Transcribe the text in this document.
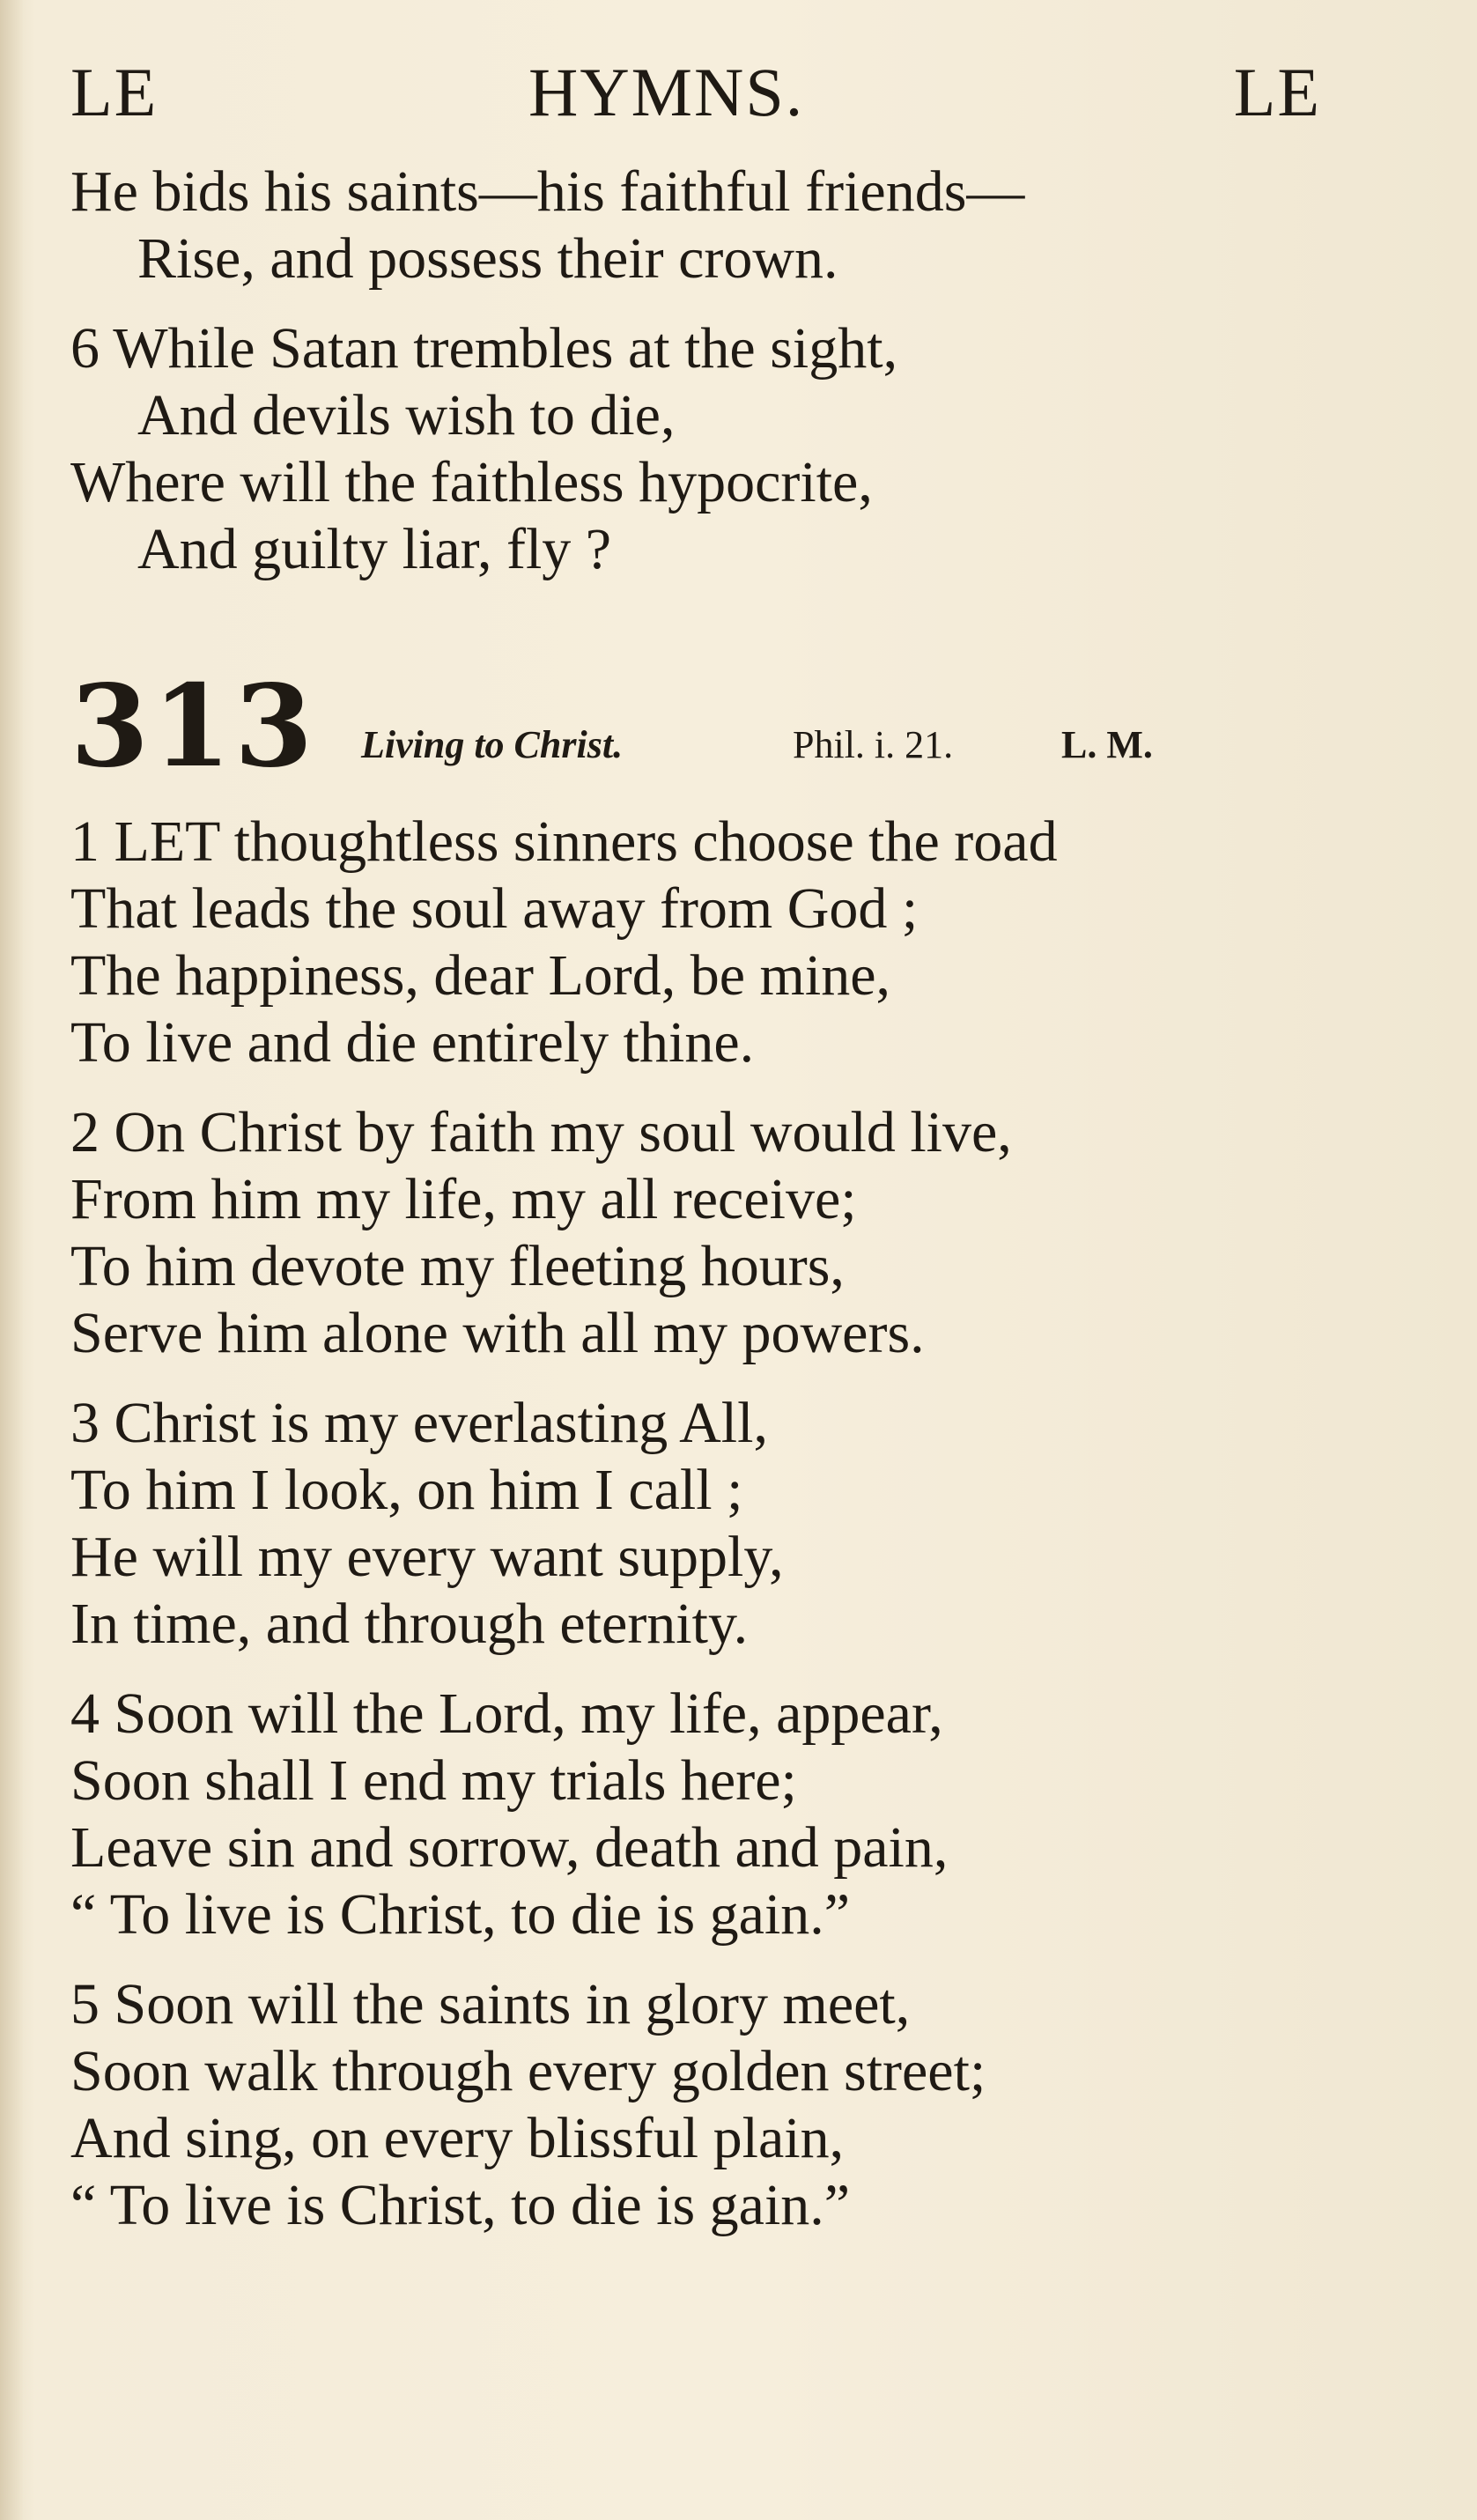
LE	HYMNS.	LE
He bids his saints—his faithful friends—
Rise, and possess their crown.
6 While Satan trembles at the sight,
And devils wish to die,
Where will the faithless hypocrite,
And guilty liar, fly ?
313 Living to Christ.	Phil. i. 21.	L. M.
1 LET thoughtless sinners choose the road
That leads the soul away from God ;
The happiness, dear Lord, be mine,
To live and die entirely thine.
2 On Christ by faith my soul would live,
From him my life, my all receive;
To him devote my fleeting hours,
Serve him alone with all my powers.
3 Christ is my everlasting All,
To him I look, on him I call ;
He will my every want supply,
In time, and through eternity.
4 Soon will the Lord, my life, appear,
Soon shall I end my trials here;
Leave sin and sorrow, death and pain,
“ To live is Christ, to die is gain.”
5 Soon will the saints in glory meet,
Soon walk through every golden street;
And sing, on every blissful plain,
“ To live is Christ, to die is gain.”
